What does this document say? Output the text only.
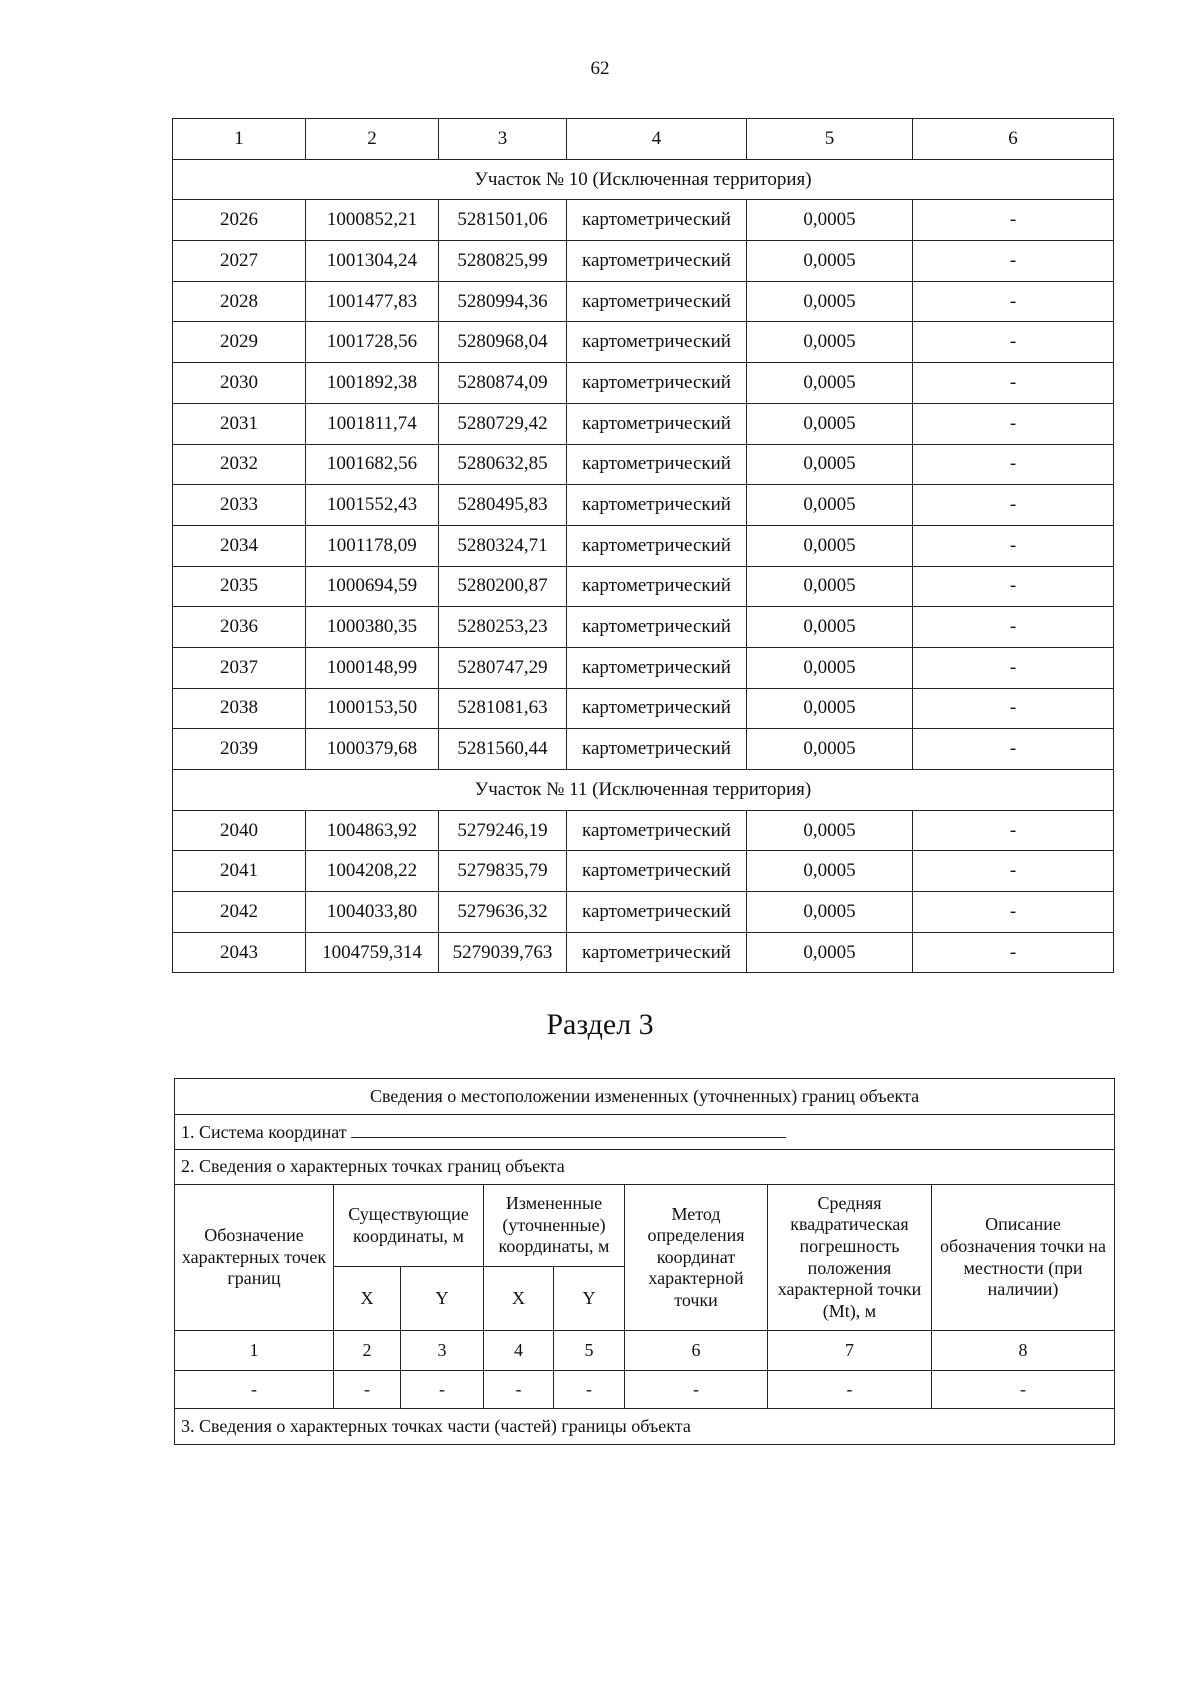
62
1	2	3	4	5	6
Участок № 10 (Исключенная территория)					
2026	1000852,21	5281501,06	картометрический	0,0005	-
2027	1001304,24	5280825,99	картометрический	0,0005	-
2028	1001477,83	5280994,36	картометрический	0,0005	-
2029	1001728,56	5280968,04	картометрический	0,0005	-
2030	1001892,38	5280874,09	картометрический	0,0005	-
2031	1001811,74	5280729,42	картометрический	0,0005	-
2032	1001682,56	5280632,85	картометрический	0,0005	-
2033	1001552,43	5280495,83	картометрический	0,0005	-
2034	1001178,09	5280324,71	картометрический	0,0005	-
2035	1000694,59	5280200,87	картометрический	0,0005	-
2036	1000380,35	5280253,23	картометрический	0,0005	-
2037	1000148,99	5280747,29	картометрический	0,0005	-
2038	1000153,50	5281081,63	картометрический	0,0005	-
2039	1000379,68	5281560,44	картометрический	0,0005	-
Участок № 11 (Исключенная территория)					
2040	1004863,92	5279246,19	картометрический	0,0005	-
2041	1004208,22	5279835,79	картометрический	0,0005	-
2042	1004033,80	5279636,32	картометрический	0,0005	-
2043	1004759,314	5279039,763	картометрический	0,0005	-
Раздел 3
Сведения о местоположении измененных (уточненных) границ объекта							
1. Система координат							
2. Сведения о характерных точках границ объекта							
Обозначение характерных точек границ	Существующие координаты, м		Измененные (уточненные) координаты, м		Метод определения координат характерной точки	Средняя квадратическая погрешность положения характерной точки (Mt), м	Описание обозначения точки на местности (при наличии)
	X	Y	X	Y			
1	2	3	4	5	6	7	8
-	-	-	-	-	-	-	-
3. Сведения о характерных точках части (частей) границы объекта							
